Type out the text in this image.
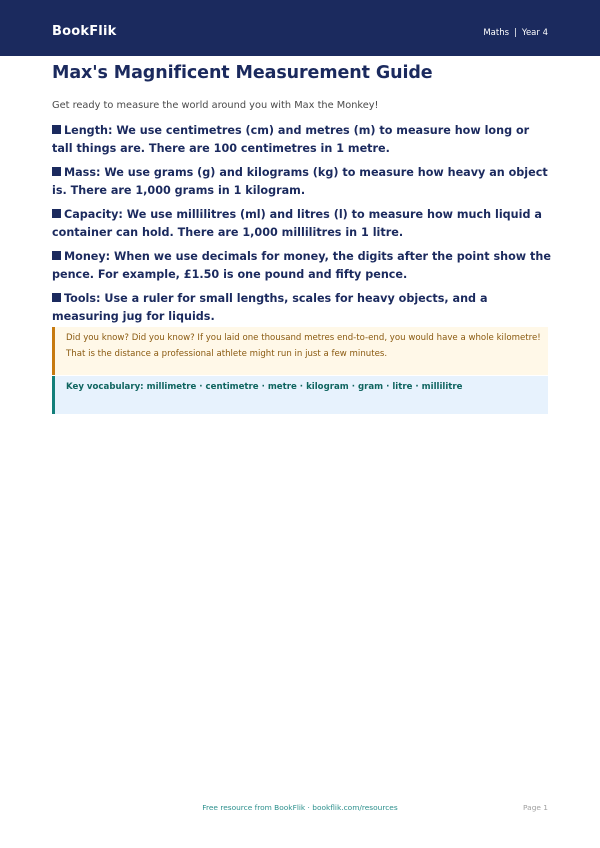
BookFlik	Maths | Year 4
Max's Magnificent Measurement Guide
Get ready to measure the world around you with Max the Monkey!
Length: We use centimetres (cm) and metres (m) to measure how long or tall things are. There are 100 centimetres in 1 metre.
Mass: We use grams (g) and kilograms (kg) to measure how heavy an object is. There are 1,000 grams in 1 kilogram.
Capacity: We use millilitres (ml) and litres (l) to measure how much liquid a container can hold. There are 1,000 millilitres in 1 litre.
Money: When we use decimals for money, the digits after the point show the pence. For example, £1.50 is one pound and fifty pence.
Tools: Use a ruler for small lengths, scales for heavy objects, and a measuring jug for liquids.
Did you know? Did you know? If you laid one thousand metres end-to-end, you would have a whole kilometre! That is the distance a professional athlete might run in just a few minutes.
Key vocabulary: millimetre · centimetre · metre · kilogram · gram · litre · millilitre
Free resource from BookFlik · bookflik.com/resources	Page 1
